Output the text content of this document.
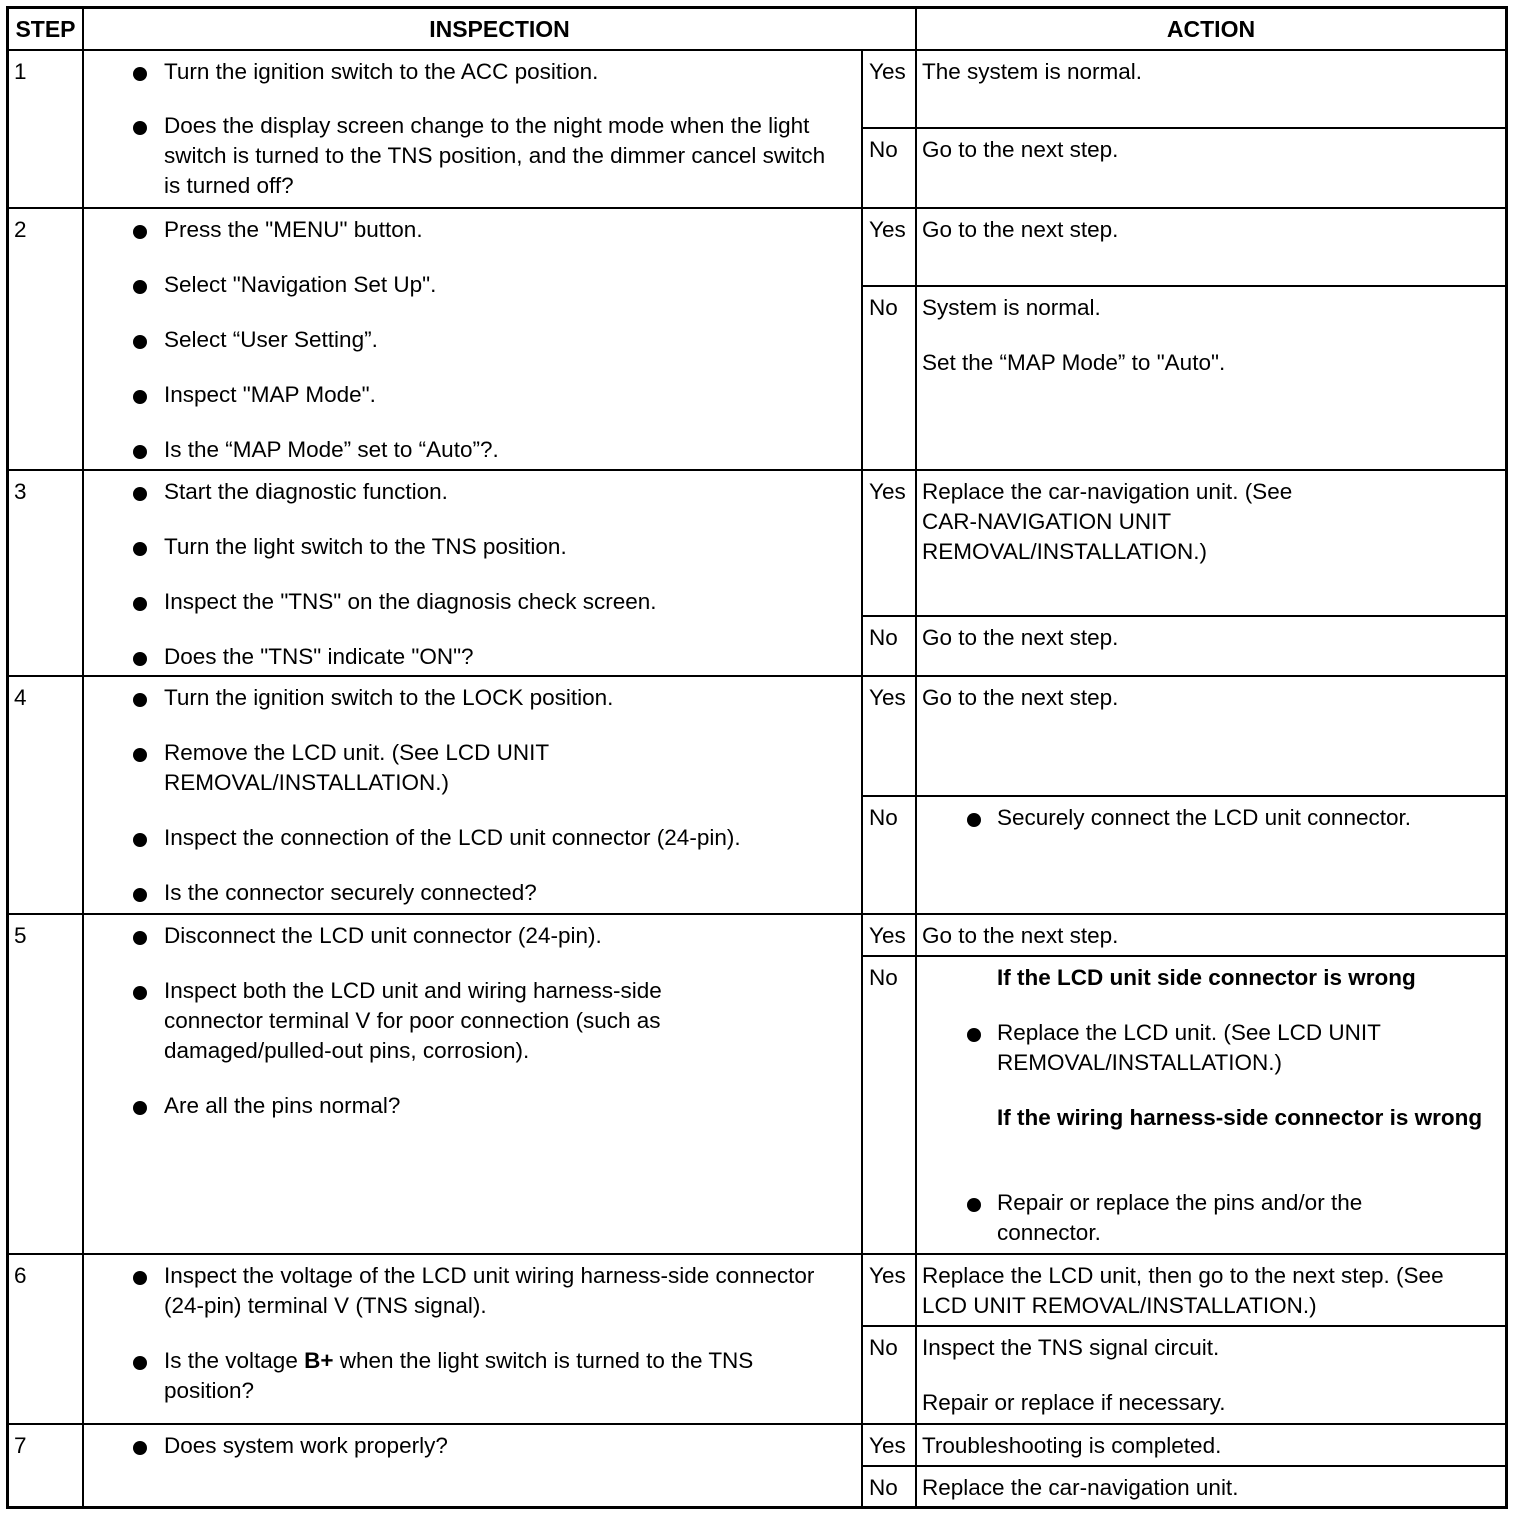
STEP	INSPECTION	ACTION
1	Turn the ignition switch to the ACC position.
Does the display screen change to the night mode when the light switch is turned to the TNS position, and the dimmer cancel switch is turned off?
Yes The system is normal.
No Go to the next step.
2	Press the "MENU" button.
Select "Navigation Set Up".
Select “User Setting”.
Inspect "MAP Mode".
Is the “MAP Mode” set to “Auto”?.
Yes Go to the next step.
No System is normal.
Set the “MAP Mode” to "Auto".
3	Start the diagnostic function.
Turn the light switch to the TNS position.
Inspect the "TNS" on the diagnosis check screen.
Does the "TNS" indicate "ON"?
Yes Replace the car-navigation unit. (See CAR-NAVIGATION UNIT REMOVAL/INSTALLATION.)
No Go to the next step.
4	Turn the ignition switch to the LOCK position.
Remove the LCD unit. (See LCD UNIT REMOVAL/INSTALLATION.)
Inspect the connection of the LCD unit connector (24-pin).
Is the connector securely connected?
Yes Go to the next step.
No	Securely connect the LCD unit connector.
5	Disconnect the LCD unit connector (24-pin).
Inspect both the LCD unit and wiring harness-side connector terminal V for poor connection (such as damaged/pulled-out pins, corrosion).
Are all the pins normal?
Yes Go to the next step.
No	If the LCD unit side connector is wrong
Replace the LCD unit. (See LCD UNIT REMOVAL/INSTALLATION.)
If the wiring harness-side connector is wrong
Repair or replace the pins and/or the connector.
6	Inspect the voltage of the LCD unit wiring harness-side connector (24-pin) terminal V (TNS signal).
Is the voltage B+ when the light switch is turned to the TNS position?
Yes Replace the LCD unit, then go to the next step. (See LCD UNIT REMOVAL/INSTALLATION.)
No Inspect the TNS signal circuit.
Repair or replace if necessary.
7	Does system work properly?	Yes Troubleshooting is completed.
No Replace the car-navigation unit.
